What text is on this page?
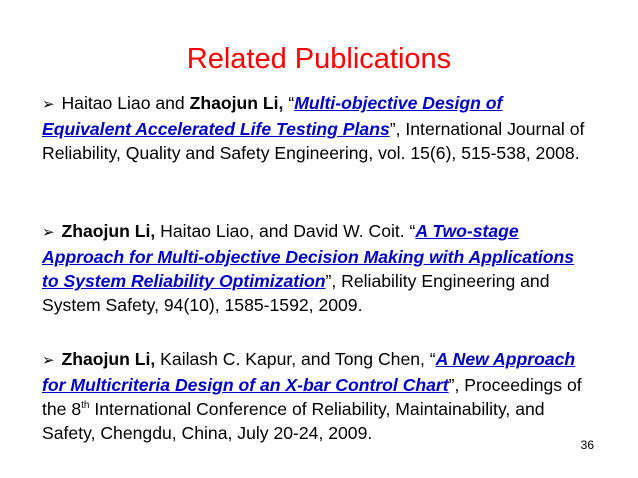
Related Publications

➢ Haitao Liao and Zhaojun Li, “Multi-objective Design of Equivalent Accelerated Life Testing Plans”, International Journal of Reliability, Quality and Safety Engineering, vol. 15(6), 515-538, 2008.

➢ Zhaojun Li, Haitao Liao, and David W. Coit. “A Two-stage Approach for Multi-objective Decision Making with Applications to System Reliability Optimization”, Reliability Engineering and System Safety, 94(10), 1585-1592, 2009.

➢ Zhaojun Li, Kailash C. Kapur, and Tong Chen, “A New Approach for Multicriteria Design of an X-bar Control Chart”, Proceedings of the 8th International Conference of Reliability, Maintainability, and Safety, Chengdu, China, July 20-24, 2009.

36
